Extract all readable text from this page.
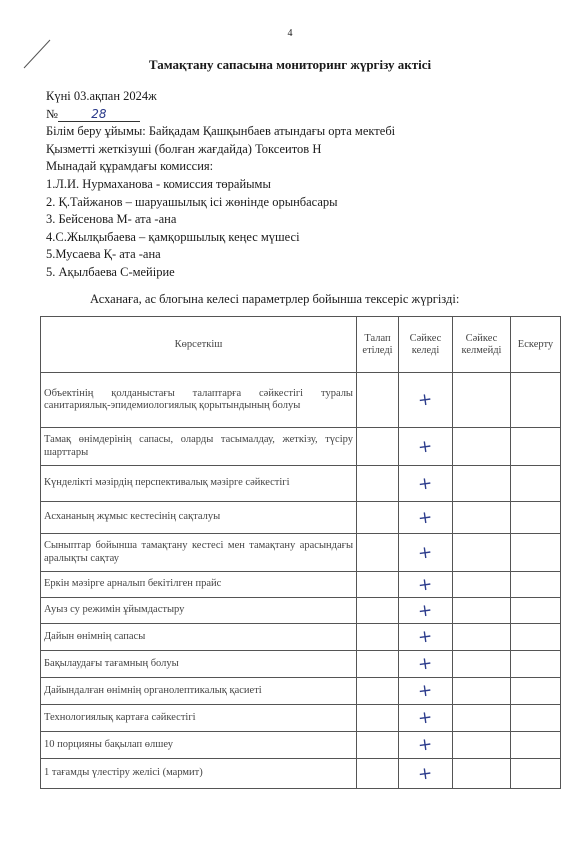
4
Тамақтану сапасына мониторинг жүргізу актісі
Күні 03.ақпан 2024ж
№	28
Білім беру ұйымы: Байқадам Қашқынбаев атындағы орта мектебі
Қызметті жеткізуші (болған жағдайда) Токсеитов Н
Мынадай құрамдағы комиссия:
1.Л.И. Нурмаханова - комиссия төрайымы
2. Қ.Тайжанов – шаруашылық ісі жөнінде орынбасары
3. Бейсенова М- ата -ана
4.С.Жылқыбаева – қамқоршылық кеңес мүшесі
5.Мусаева Қ- ата -ана
5. Ақылбаева С-мейірие
Асханаға, ас блогына келесі параметрлер бойынша тексеріс жүргізді:
Көрсеткіш	Талап етіледі	Сәйкес келеді	Сәйкес келмейді	Ескерту
Объектінің қолданыстағы талаптарға сәйкестігі туралы санитариялық-эпидемиологиялық қорытындының болуы		+		
Тамақ өнімдерінің сапасы, оларды тасымалдау, жеткізу, түсіру шарттары		+		
Күнделікті мәзірдің перспективалық мәзірге сәйкестігі		+		
Асхананың жұмыс кестесінің сақталуы		+		
Сыныптар бойынша тамақтану кестесі мен тамақтану арасындағы аралықты сақтау		+		
Еркін мәзірге арналып бекітілген прайс		+		
Ауыз су режимін ұйымдастыру		+		
Дайын өнімнің сапасы		+		
Бақылаудағы тағамның болуы		+		
Дайындалған өнімнің органолептикалық қасиеті		+		
Технологиялық картаға сәйкестігі		+		
10 порцияны бақылап өлшеу		+		
1 тағамды үлестіру желісі (мармит)		+		
